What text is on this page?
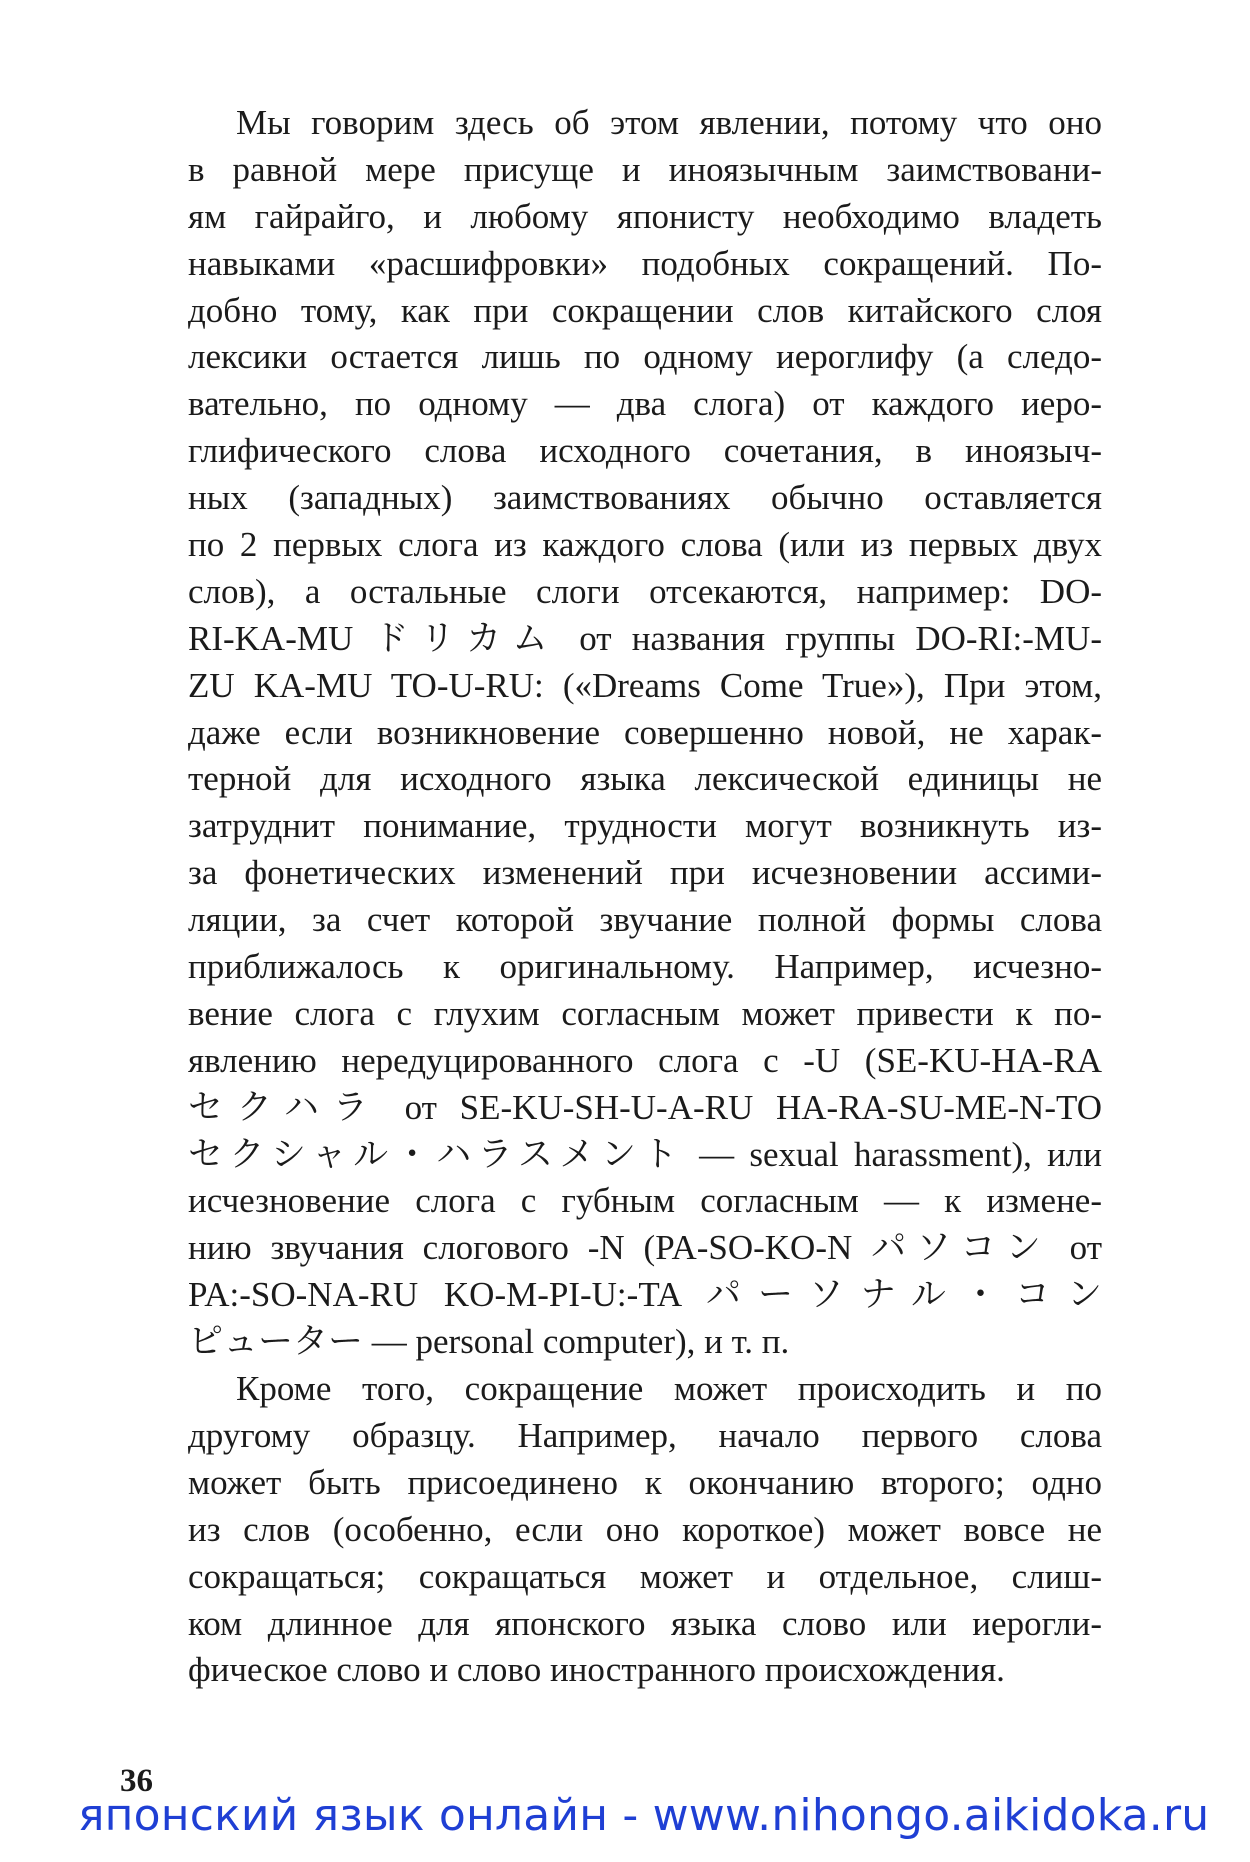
Мы говорим здесь об этом явлении, потому что оно
в равной мере присуще и иноязычным заимствовани-
ям гайрайго, и любому японисту необходимо владеть
навыками «расшифровки» подобных сокращений. По-
добно тому, как при сокращении слов китайского слоя
лексики остается лишь по одному иероглифу (а следо-
вательно, по одному — два слога) от каждого иеро-
глифического слова исходного сочетания, в иноязыч-
ных (западных) заимствованиях обычно оставляется
по 2 первых слога из каждого слова (или из первых двух
слов), а остальные слоги отсекаются, например: DO-
RI-KA-MU ドリカム от названия группы DO-RI:-MU-
ZU KA-MU TO-U-RU: («Dreams Come True»), При этом,
даже если возникновение совершенно новой, не харак-
терной для исходного языка лексической единицы не
затруднит понимание, трудности могут возникнуть из-
за фонетических изменений при исчезновении ассими-
ляции, за счет которой звучание полной формы слова
приближалось к оригинальному. Например, исчезно-
вение слога с глухим согласным может привести к по-
явлению нередуцированного слога с -U (SE-KU-HA-RA
セクハラ от SE-KU-SH-U-A-RU HA-RA-SU-ME-N-TO
セクシャル・ハラスメント — sexual harassment), или
исчезновение слога с губным согласным — к измене-
нию звучания слогового -N (PA-SO-KO-N パソコン от
PA:-SO-NA-RU KO-M-PI-U:-TA パーソナル・コン
ピューター — personal computer), и т. п.
Кроме того, сокращение может происходить и по
другому образцу. Например, начало первого слова
может быть присоединено к окончанию второго; одно
из слов (особенно, если оно короткое) может вовсе не
сокращаться; сокращаться может и отдельное, слиш-
ком длинное для японского языка слово или иерогли-
фическое слово и слово иностранного происхождения.
36
японский язык онлайн - www.nihongo.aikidoka.ru
